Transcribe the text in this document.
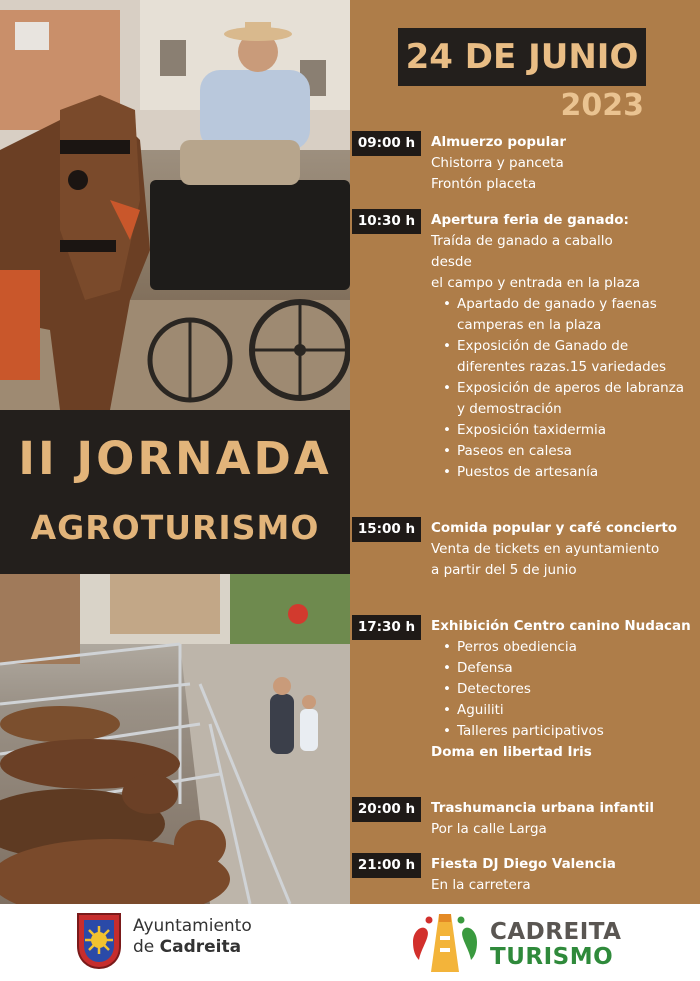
II JORNADA
AGROTURISMO
24 DE JUNIO
2023
09:00 h	Almuerzo popular
Chistorra y panceta
Frontón placeta
10:30 h	Apertura feria de ganado:
Traída de ganado a caballo
desde
el campo y entrada en la plaza
• Apartado de ganado y faenas camperas en la plaza
• Exposición de Ganado de diferentes razas.15 variedades
• Exposición de aperos de labranza y demostración
• Exposición taxidermia
• Paseos en calesa
• Puestos de artesanía
15:00 h	Comida popular y café concierto
Venta de tickets en ayuntamiento
a partir del 5 de junio
17:30 h	Exhibición Centro canino Nudacan
• Perros obediencia
• Defensa
• Detectores
• Aguiliti
• Talleres participativos
Doma en libertad Iris
20:00 h	Trashumancia urbana infantil
Por la calle Larga
21:00 h	Fiesta DJ Diego Valencia
En la carretera
Ayuntamiento
de Cadreita
CADREITA
TURISMO
